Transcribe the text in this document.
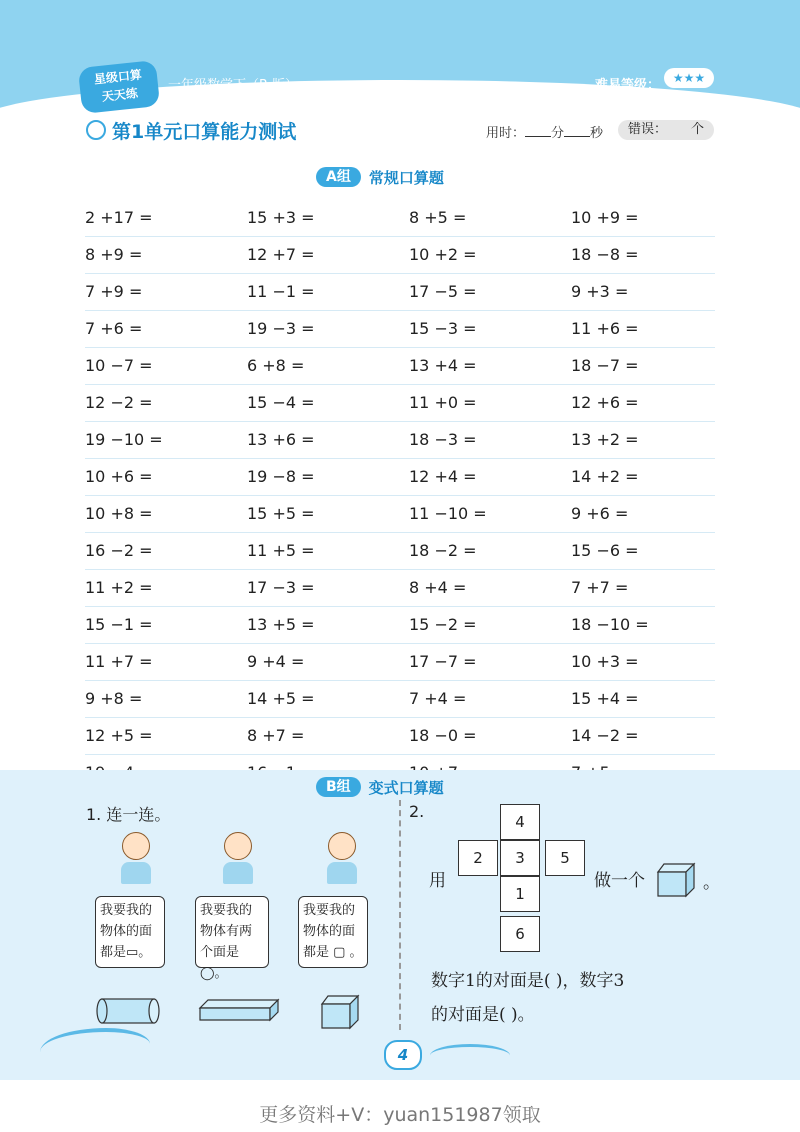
星级口算
天天练
一年级数学下（R 版）	难易等级：	★★★
第1单元口算能力测试	用时： 分 秒	错误： 个
A组	常规口算题
2 +17 =	15 +3 =	8 +5 =	10 +9 =
8 +9 =	12 +7 =	10 +2 =	18 −8 =
7 +9 =	11 −1 =	17 −5 =	9 +3 =
7 +6 =	19 −3 =	15 −3 =	11 +6 =
10 −7 =	6 +8 =	13 +4 =	18 −7 =
12 −2 =	15 −4 =	11 +0 =	12 +6 =
19 −10 =	13 +6 =	18 −3 =	13 +2 =
10 +6 =	19 −8 =	12 +4 =	14 +2 =
10 +8 =	15 +5 =	11 −10 =	9 +6 =
16 −2 =	11 +5 =	18 −2 =	15 −6 =
11 +2 =	17 −3 =	8 +4 =	7 +7 =
15 −1 =	13 +5 =	15 −2 =	18 −10 =
11 +7 =	9 +4 =	17 −7 =	10 +3 =
9 +8 =	14 +5 =	7 +4 =	15 +4 =
12 +5 =	8 +7 =	18 −0 =	14 −2 =
B组	变式口算题
1. 连一连。
我要我的
物体的面
都是▭。
我要我的
物体有两
个面是◯。
我要我的
物体的面
都是 ▢ 。
2.
4
2	3	5
1
6
用	做一个	。
数字1的对面是( )，数字3
的对面是( )。
4
更多资料+V：yuan151987领取
